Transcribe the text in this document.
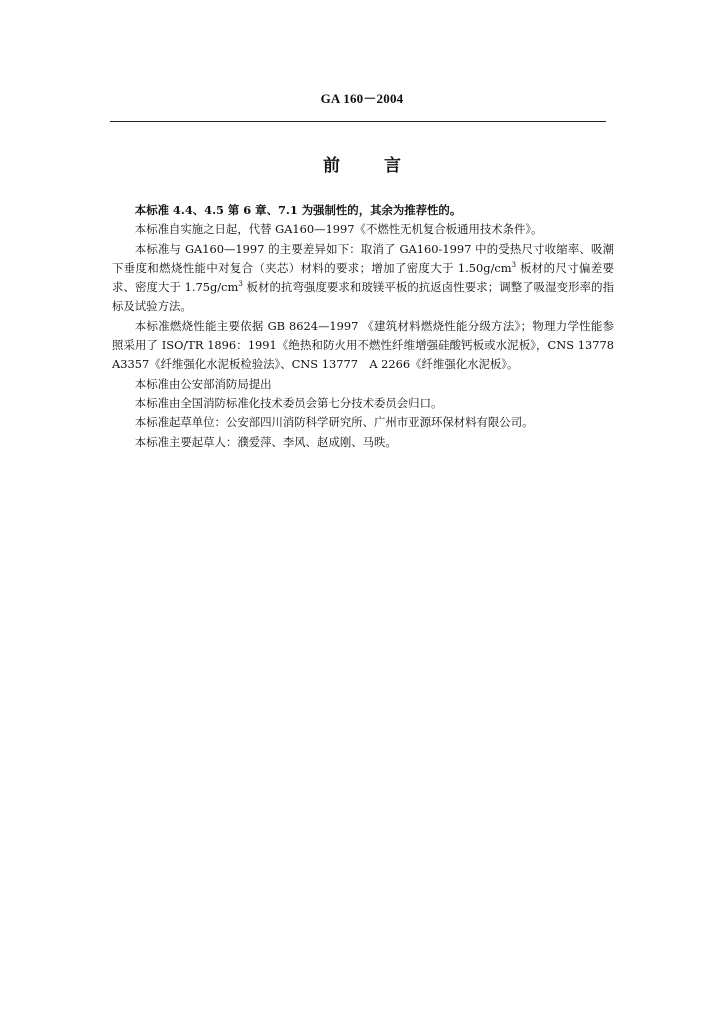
GA 160－2004
前	言

本标准 4.4、4.5 第 6 章、7.1 为强制性的，其余为推荐性的。

本标准自实施之日起，代替 GA160—1997《不燃性无机复合板通用技术条件》。

本标准与 GA160—1997 的主要差异如下：取消了 GA160-1997 中的受热尺寸收缩率、吸潮下垂度和燃烧性能中对复合（夹芯）材料的要求；增加了密度大于 $1.50g/cm^3$ 板材的尺寸偏差要求、密度大于 $1.75g/cm^3$ 板材的抗弯强度要求和玻镁平板的抗返卤性要求；调整了吸湿变形率的指标及试验方法。

本标准燃烧性能主要依据 GB 8624—1997 《建筑材料燃烧性能分级方法》；物理力学性能参照采用了 ISO/TR 1896：1991《绝热和防火用不燃性纤维增强硅酸钙板或水泥板》，CNS 13778　A3357《纤维强化水泥板检验法》、CNS 13777　A 2266《纤维强化水泥板》。

本标准由公安部消防局提出

本标准由全国消防标准化技术委员会第七分技术委员会归口。

本标准起草单位：公安部四川消防科学研究所、广州市亚源环保材料有限公司。

本标准主要起草人：濮爱萍、李风、赵成刚、马昳。
